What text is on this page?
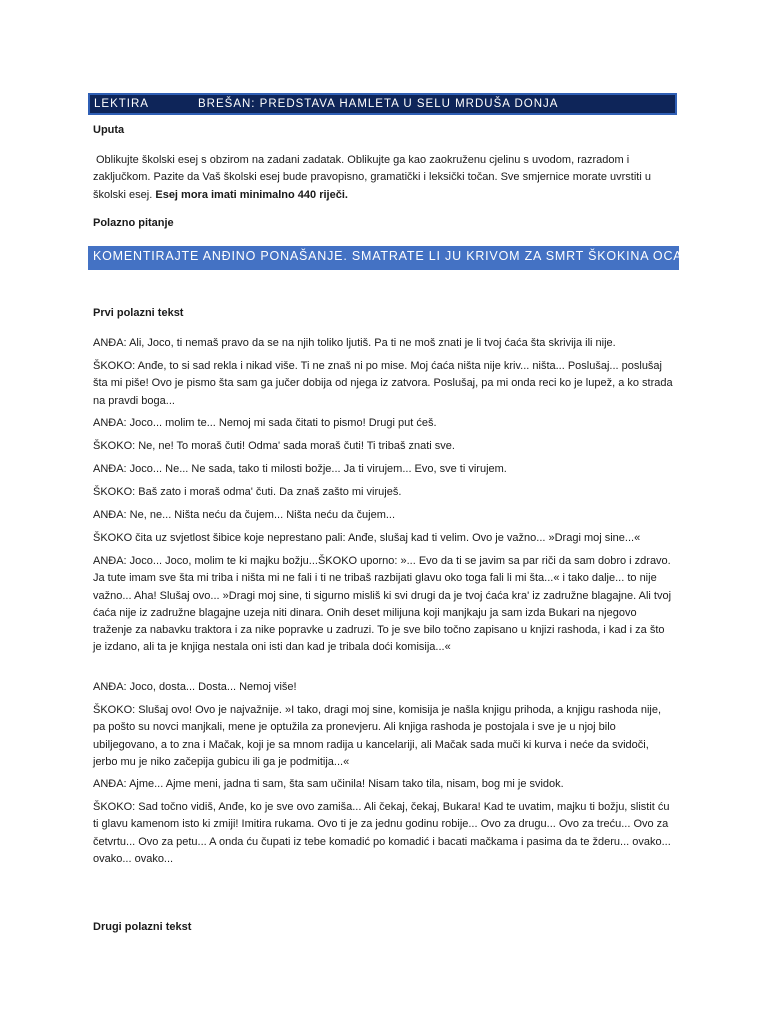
LEKTIRA	BREŠAN: PREDSTAVA HAMLETA U SELU MRDUŠA DONJA
Uputa
Oblikujte školski esej s obzirom na zadani zadatak. Oblikujte ga kao zaokruženu cjelinu s uvodom, razradom i zaključkom. Pazite da Vaš školski esej bude pravopisno, gramatički i leksički točan. Sve smjernice morate uvrstiti u školski esej. Esej mora imati minimalno 440 riječi.
Polazno pitanje
KOMENTIRAJTE ANĐINO PONAŠANJE. SMATRATE LI JU KRIVOM ZA SMRT ŠKOKINA OCA?
Prvi polazni tekst
ANĐA: Ali, Joco, ti nemaš pravo da se na njih toliko ljutiš. Pa ti ne moš znati je li tvoj ćaća šta skrivija ili nije.
ŠKOKO: Anđe, to si sad rekla i nikad više. Ti ne znaš ni po mise. Moj ćaća ništa nije kriv... ništa... Poslušaj... poslušaj šta mi piše! Ovo je pismo šta sam ga jučer dobija od njega iz zatvora. Poslušaj, pa mi onda reci ko je lupež, a ko strada na pravdi boga...
ANĐA: Joco... molim te... Nemoj mi sada čitati to pismo! Drugi put ćeš.
ŠKOKO: Ne, ne! To moraš čuti! Odma' sada moraš čuti! Ti tribaš znati sve.
ANĐA: Joco... Ne... Ne sada, tako ti milosti božje... Ja ti virujem... Evo, sve ti virujem.
ŠKOKO: Baš zato i moraš odma' čuti. Da znaš zašto mi viruješ.
ANĐA: Ne, ne... Ništa neću da čujem... Ništa neću da čujem...
ŠKOKO čita uz svjetlost šibice koje neprestano pali: Anđe, slušaj kad ti velim. Ovo je važno... »Dragi moj sine...«
ANĐA: Joco... Joco, molim te ki majku božju...ŠKOKO uporno: »... Evo da ti se javim sa par riči da sam dobro i zdravo. Ja tute imam sve šta mi triba i ništa mi ne fali i ti ne tribaš razbijati glavu oko toga fali li mi šta...« i tako dalje... to nije važno... Aha! Slušaj ovo... »Dragi moj sine, ti sigurno misliš ki svi drugi da je tvoj ćaća kra' iz zadružne blagajne. Ali tvoj ćaća nije iz zadružne blagajne uzeja niti dinara. Onih deset milijuna koji manjkaju ja sam izda Bukari na njegovo traženje za nabavku traktora i za nike popravke u zadruzi. To je sve bilo točno zapisano u knjizi rashoda, i kad i za što je izdano, ali ta je knjiga nestala oni isti dan kad je tribala doći komisija...«
ANĐA: Joco, dosta... Dosta... Nemoj više!
ŠKOKO: Slušaj ovo! Ovo je najvažnije. »I tako, dragi moj sine, komisija je našla knjigu prihoda, a knjigu rashoda nije, pa pošto su novci manjkali, mene je optužila za pronevjeru. Ali knjiga rashoda je postojala i sve je u njoj bilo ubiljegovano, a to zna i Mačak, koji je sa mnom radija u kancelariji, ali Mačak sada muči ki kurva i neće da svidoči, jerbo mu je niko začepija gubicu ili ga je podmitija...«
ANĐA: Ajme... Ajme meni, jadna ti sam, šta sam učinila! Nisam tako tila, nisam, bog mi je svidok.
ŠKOKO: Sad točno vidiš, Anđe, ko je sve ovo zamiša... Ali čekaj, čekaj, Bukara! Kad te uvatim, majku ti božju, slistit ću ti glavu kamenom isto ki zmiji! Imitira rukama. Ovo ti je za jednu godinu robije... Ovo za drugu... Ovo za treću... Ovo za četvrtu... Ovo za petu... A onda ću čupati iz tebe komadić po komadić i bacati mačkama i pasima da te žderu... ovako... ovako... ovako...
Drugi polazni tekst
